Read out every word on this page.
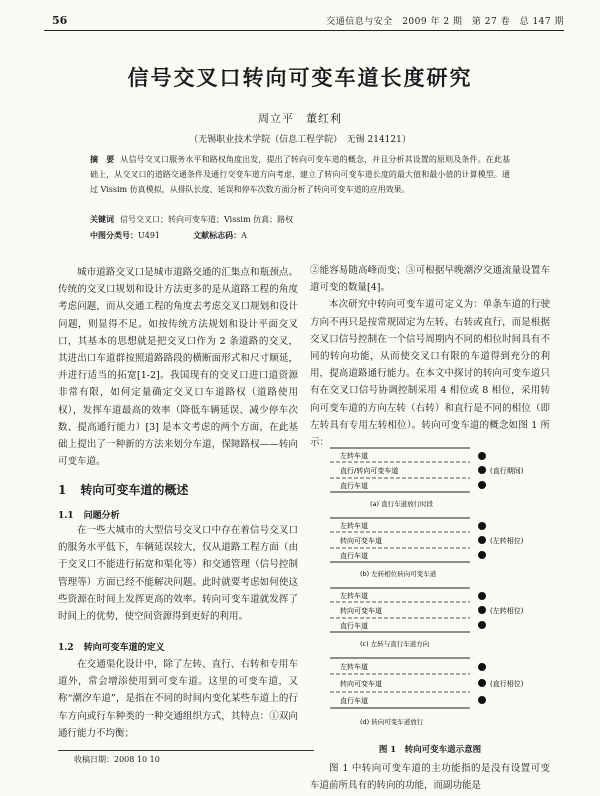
56	交通信息与安全　2009 年 2 期　第 27 卷　总 147 期
信号交叉口转向可变车道长度研究
周立平　董红利
（无锡职业技术学院（信息工程学院）　无锡 214121）
摘　要 从信号交叉口服务水平和路权角度出发，提出了转向可变车道的概念，并且分析其设置的原则及条件。在此基础上，从交叉口的道路交通条件及通行交变车道方向考虑，建立了转向可变车道长度的最大值和最小值的计算模型。通过 Vissim 仿真模拟，从排队长度、延误和停车次数方面分析了转向可变车道的应用效果。
关键词 信号交叉口；转向可变车道；Vissim 仿真；路权
中图分类号：U491	文献标志码：A

城市道路交叉口是城市道路交通的汇集点和瓶颈点。传统的交叉口规划和设计方法更多的是从道路工程的角度考虑问题，而从交通工程的角度去考虑交叉口规划和设计问题，则显得不足。如按传统方法规划和设计平面交叉口，其基本的思想就是把交叉口作为 2 条道路的交叉，其进出口车道群按照道路路段的横断面形式和尺寸顺延，并进行适当的拓宽[1-2]。我国现有的交叉口进口道资源非常有限，如何定量确定交叉口车道路权（道路使用权），发挥车道最高的效率（降低车辆延误、减少停车次数、提高通行能力）[3] 是本文考虑的两个方面，在此基础上提出了一种新的方法来划分车道，保障路权——转向可变车道。

1 转向可变车道的概述
1.1 问题分析

在一些大城市的大型信号交叉口中存在着信号交叉口的服务水平低下，车辆延误较大，仅从道路工程方面（由于交叉口不能进行拓宽和渠化等）和交通管理（信号控制管理等）方面已经不能解决问题。此时就要考虑如何使这些资源在时间上发挥更高的效率。转向可变车道就发挥了时间上的优势，使空间资源得到更好的利用。

1.2 转向可变车道的定义

在交通渠化设计中，除了左转、直行、右转和专用车道外，常会增添使用到可变车道。这里的可变车道，又称“潮汐车道”，是指在不同的时间内变化某些车道上的行车方向或行车种类的一种交通组织方式，其特点：①双向通行能力不均衡；

收稿日期：2008 10 10

②能容易随高峰而变；③可根据早晚潮汐交通流量设置车道可变的数量[4]。

本次研究中转向可变车道可定义为：单条车道的行驶方向不再只是按常规固定为左转、右转或直行，而是根据交叉口信号控制在一个信号周期内不同的相位时间具有不同的转向功能，从而使交叉口有限的车道得到充分的利用，提高道路通行能力。在本文中探讨的转向可变车道只有在交叉口信号协调控制采用 4 相位或 8 相位，采用转向可变车道的方向左转（右转）和直行是不同的相位（即左转具有专用左转相位）。转向可变车道的概念如图 1 所示：

左转车道
直行/转向可变车道
直行车道
(直行期间)
(a) 直行车道放行时段
左转车道
转向可变车道
直行车道
(左转相位)
(b) 左转相位转向可变车道
左转车道
转向可变车道
直行车道
(左转相位)
(c) 左转与直行车道方向
左转车道
转向可变车道
直行车道
(直行相位)
(d) 转向可变车道放行
图 1　转向可变车道示意图

图 1 中转向可变车道的主功能指的是没有设置可变车道前所具有的转向的功能，而副功能是
